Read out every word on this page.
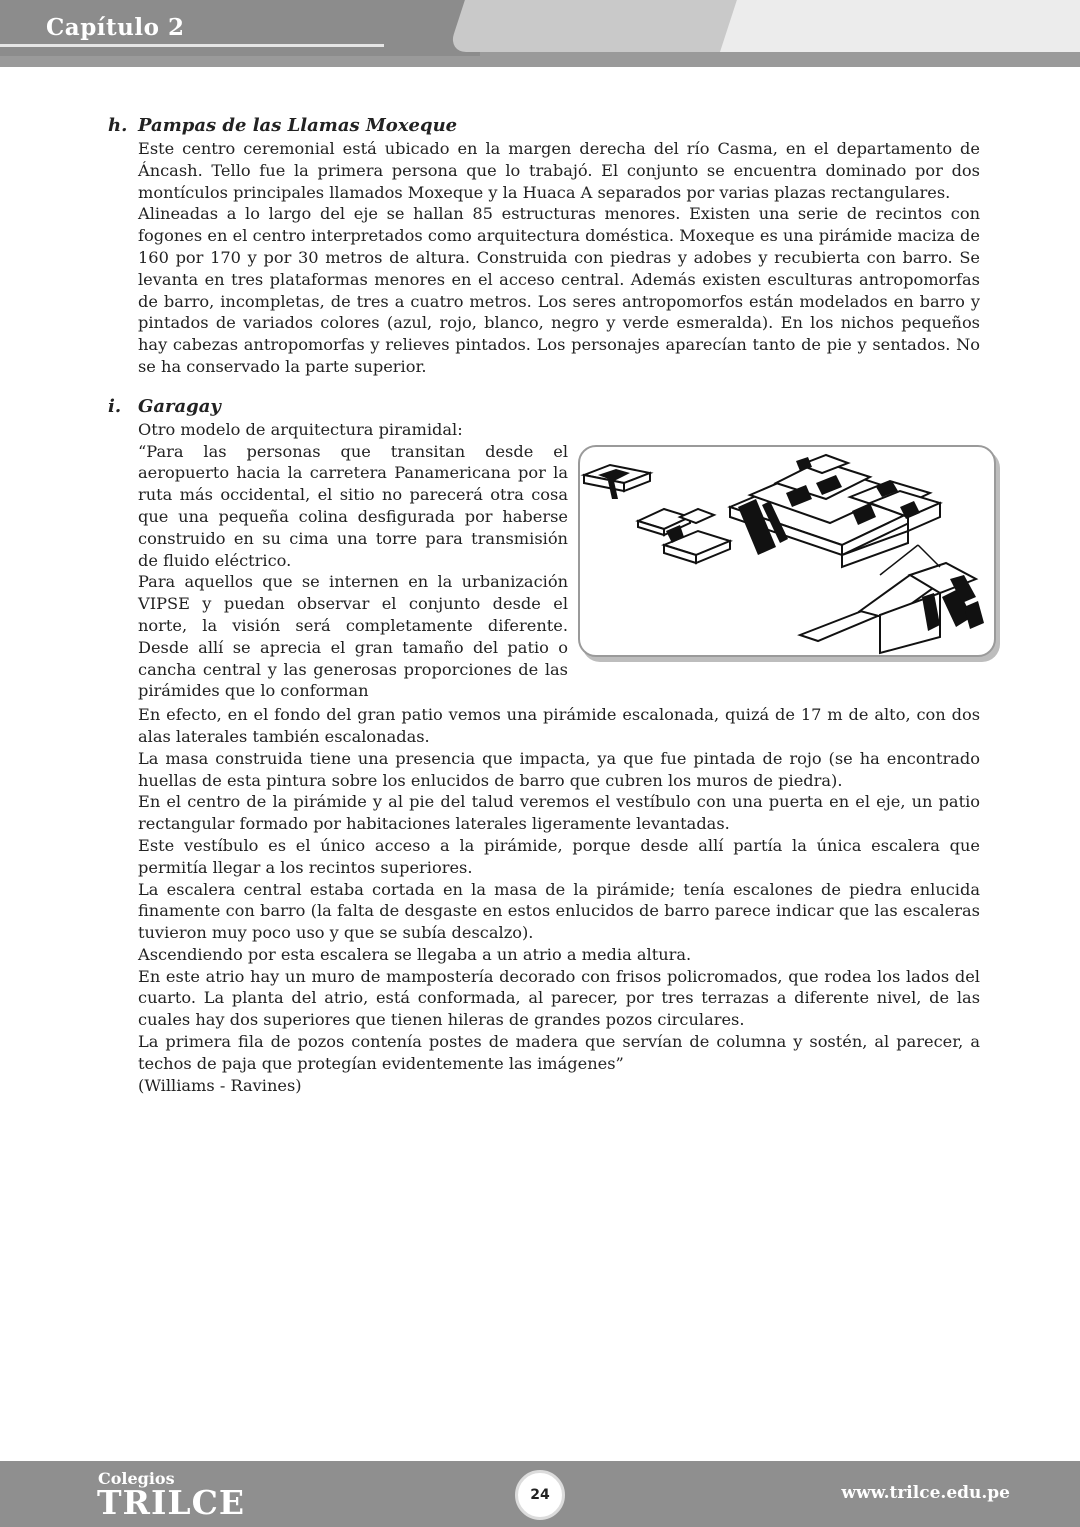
Capítulo 2
h. Pampas de las Llamas Moxeque

Este centro ceremonial está ubicado en la margen derecha del río Casma, en el departamento de Áncash. Tello fue la primera persona que lo trabajó. El conjunto se encuentra dominado por dos montículos principales llamados Moxeque y la Huaca A separados por varias plazas rectangulares.

Alineadas a lo largo del eje se hallan 85 estructuras menores. Existen una serie de recintos con fogones en el centro interpretados como arquitectura doméstica. Moxeque es una pirámide maciza de 160 por 170 y por 30 metros de altura. Construida con piedras y adobes y recubierta con barro. Se levanta en tres plataformas menores en el acceso central. Además existen esculturas antropomorfas de barro, incompletas, de tres a cuatro metros. Los seres antropomorfos están modelados en barro y pintados de variados colores (azul, rojo, blanco, negro y verde esmeralda). En los nichos pequeños hay cabezas antropomorfas y relieves pintados. Los personajes aparecían tanto de pie y sentados. No se ha conservado la parte superior.

i. Garagay

Otro modelo de arquitectura piramidal:

“Para las personas que transitan desde el aeropuerto hacia la carretera Panamericana por la ruta más occidental, el sitio no parecerá otra cosa que una pequeña colina desfigurada por haberse construido en su cima una torre para transmisión de fluido eléctrico.

Para aquellos que se internen en la urbanización VIPSE y puedan observar el conjunto desde el norte, la visión será completamente diferente. Desde allí se aprecia el gran tamaño del patio o cancha central y las generosas proporciones de las pirámides que lo conforman

En efecto, en el fondo del gran patio vemos una pirámide escalonada, quizá de 17 m de alto, con dos alas laterales también escalonadas.

La masa construida tiene una presencia que impacta, ya que fue pintada de rojo (se ha encontrado huellas de esta pintura sobre los enlucidos de barro que cubren los muros de piedra).

En el centro de la pirámide y al pie del talud veremos el vestíbulo con una puerta en el eje, un patio rectangular formado por habitaciones laterales ligeramente levantadas.

Este vestíbulo es el único acceso a la pirámide, porque desde allí partía la única escalera que permitía llegar a los recintos superiores.

La escalera central estaba cortada en la masa de la pirámide; tenía escalones de piedra enlucida finamente con barro (la falta de desgaste en estos enlucidos de barro parece indicar que las escaleras tuvieron muy poco uso y que se subía descalzo).

Ascendiendo por esta escalera se llegaba a un atrio a media altura.

En este atrio hay un muro de mampostería decorado con frisos policromados, que rodea los lados del cuarto. La planta del atrio, está conformada, al parecer, por tres terrazas a diferente nivel, de las cuales hay dos superiores que tienen hileras de grandes pozos circulares.

La primera fila de pozos contenía postes de madera que servían de columna y sostén, al parecer, a techos de paja que protegían evidentemente las imágenes”

(Williams - Ravines)

Colegios
TRILCE	24	www.trilce.edu.pe
